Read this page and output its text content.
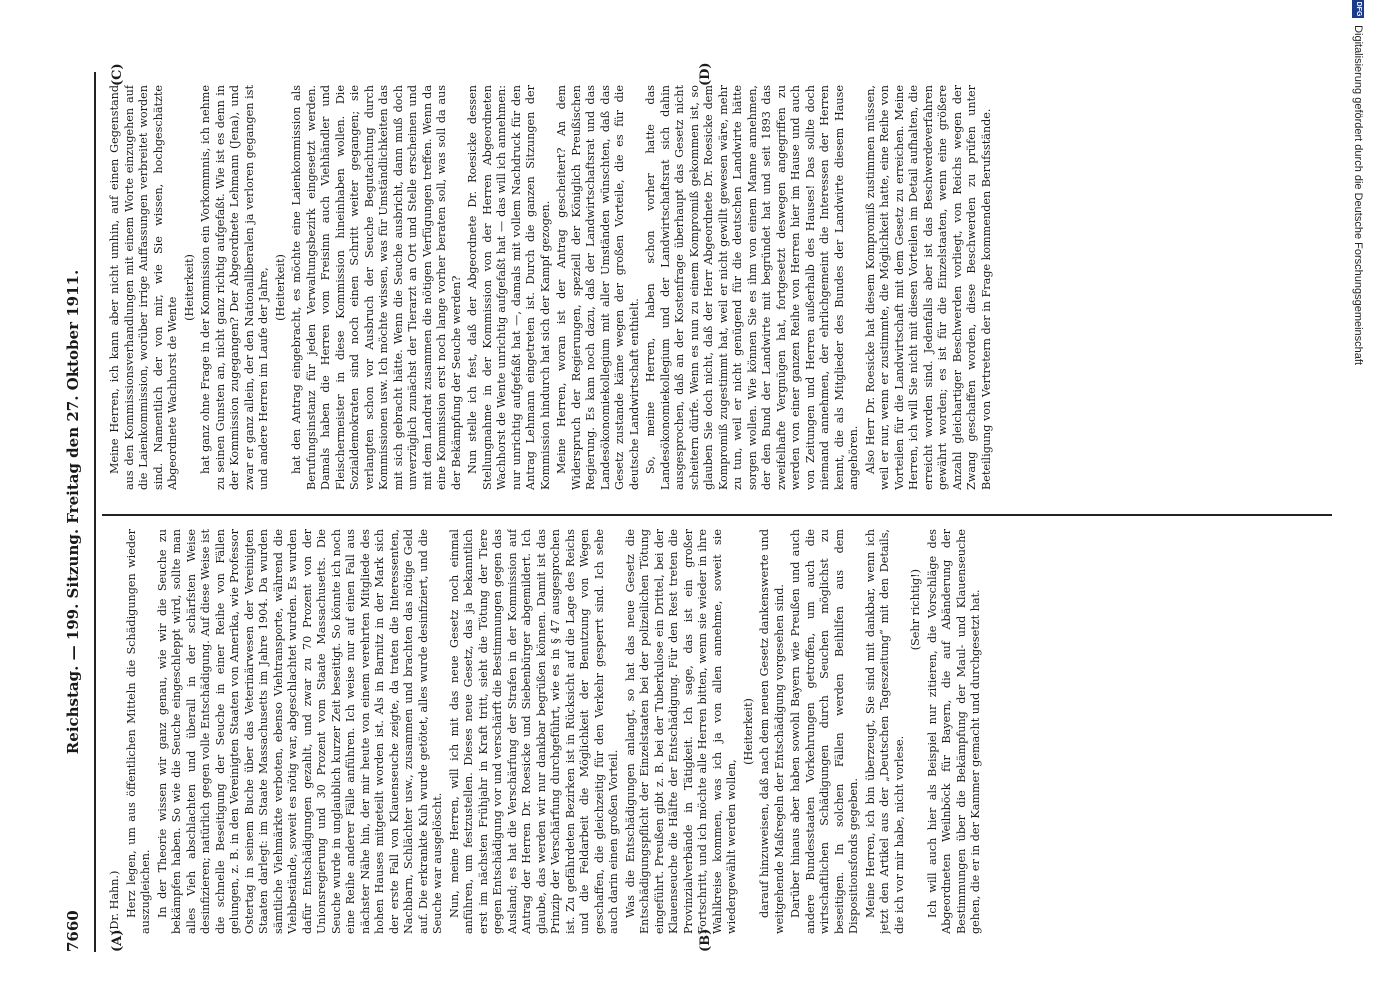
7660
Reichstag. — 199. Sitzung. Freitag den 27. Oktober 1911.
(A)	(B)
(C)	(D)

(Dr. Hahn.) Herz legen, um aus öffentlichen Mitteln die Schädigungen wieder auszugleichen. In der Theorie wissen wir ganz genau, wie wir die Seuche zu bekämpfen haben. So wie die Seuche eingeschleppt wird, sollte man alles Vieh abschlachten und überall in der schärfsten Weise desinfizieren; natürlich gegen volle Entschädigung. Auf diese Weise ist die schnelle Beseitigung der Seuche in einer Reihe von Fällen gelungen, z. B. in den Vereinigten Staaten von Amerika, wie Professor Ostertag in seinem Buche über das Veterinärwesen der Vereinigten Staaten darlegt: im Staate Massachusetts im Jahre 1904. Da wurden sämtliche Viehmärkte verboten, ebenso Viehtransporte, während die Viehbestände, soweit es nötig war, abgeschlachtet wurden. Es wurden dafür Entschädigungen gezahlt, und zwar zu 70 Prozent von der Unionsregierung und 30 Prozent vom Staate Massachusetts. Die Seuche wurde in unglaublich kurzer Zeit beseitigt. So könnte ich noch eine Reihe anderer Fälle anführen. Ich weise nur auf einen Fall aus nächster Nähe hin, der mir heute von einem verehrten Mitgliede des hohen Hauses mitgeteilt worden ist. Als in Barnitz in der Mark sich der erste Fall von Klauenseuche zeigte, da traten die Interessenten, Nachbarn, Schlächter usw., zusammen und brachten das nötige Geld auf. Die erkrankte Kuh wurde getötet, alles wurde desinfiziert, und die Seuche war ausgelöscht. Nun, meine Herren, will ich mit das neue Gesetz noch einmal anführen, um festzustellen. Dieses neue Gesetz, das ja bekanntlich erst im nächsten Frühjahr in Kraft tritt, sieht die Tötung der Tiere gegen Entschädigung vor und verschärft die Bestimmungen gegen das Ausland; es hat die Verschärfung der Strafen in der Kommission auf Antrag der Herren Dr. Roesicke und Siebenbürger abgemildert. Ich glaube, das werden wir nur dankbar begrüßen können. Damit ist das Prinzip der Verschärfung durchgeführt, wie es in § 47 ausgesprochen ist. Zu gefährdeten Bezirken ist in Rücksicht auf die Lage des Reichs und die Feldarbeit die Möglichkeit der Benutzung von Wegen geschaffen, die gleichzeitig für den Verkehr gesperrt sind. Ich sehe auch darin einen großen Vorteil. Was die Entschädigungen anlangt, so hat das neue Gesetz die Entschädigungspflicht der Einzelstaaten bei der polizeilichen Tötung eingeführt. Preußen gibt z. B. bei der Tuberkulose ein Drittel, bei der Klauenseuche die Hälfte der Entschädigung. Für den Rest treten die Provinzialverbände in Tätigkeit. Ich sage, das ist ein großer Fortschritt, und ich möchte alle Herren bitten, wenn sie wieder in ihre Wahlkreise kommen, was ich ja von allen annehme, soweit sie wiedergewählt werden wollen,

(Heiterkeit) darauf hinzuweisen, daß nach dem neuen Gesetz dankenswerte und weitgehende Maßregeln der Entschädigung vorgesehen sind. Darüber hinaus aber haben sowohl Bayern wie Preußen und auch andere Bundesstaaten Vorkehrungen getroffen, um auch die wirtschaftlichen Schädigungen durch Seuchen möglichst zu beseitigen. In solchen Fällen werden Beihilfen aus dem Dispositionsfonds gegeben. Meine Herren, ich bin überzeugt, Sie sind mit dankbar, wenn ich jetzt den Artikel aus der „Deutschen Tageszeitung“ mit den Details, die ich vor mir habe, nicht vorlese.

(Sehr richtig!) Ich will auch hier als Beispiel nur zitieren, die Vorschläge des Abgeordneten Weilnböck für Bayern, die auf Abänderung der Bestimmungen über die Bekämpfung der Maul- und Klauenseuche gehen, die er in der Kammer gemacht und durchgesetzt hat.

Meine Herren, ich kann aber nicht umhin, auf einen Gegenstand aus den Kommissionsverhandlungen mit einem Worte einzugehen auf die Laienkommission, worüber irrige Auffassungen verbreitet worden sind. Namentlich der von mir, wie Sie wissen, hochgeschätzte Abgeordnete Wachhorst de Wente

(Heiterkeit) hat ganz ohne Frage in der Kommission ein Vorkommnis, ich nehme zu seinen Gunsten an, nicht ganz richtig aufgefaßt. Wie ist es denn in der Kommission zugegangen? Der Abgeordnete Lehmann (Jena), und zwar er ganz allein, der den Nationalliberalen ja verloren gegangen ist und andere Herren im Laufe der Jahre, (Heiterkeit) hat den Antrag eingebracht, es möchte eine Laienkommission als Berufungsinstanz für jeden Verwaltungsbezirk eingesetzt werden. Damals haben die Herren vom Freisinn auch Viehhändler und Fleischermeister in diese Kommission hineinhaben wollen. Die Sozialdemokraten sind noch einen Schritt weiter gegangen; sie verlangten schon vor Ausbruch der Seuche Begutachtung durch Kommissionen usw. Ich möchte wissen, was für Umständlichkeiten das mit sich gebracht hätte. Wenn die Seuche ausbricht, dann muß doch unverzüglich zunächst der Tierarzt an Ort und Stelle erscheinen und mit dem Landrat zusammen die nötigen Verfügungen treffen. Wenn da eine Kommission erst noch lange vorher beraten soll, was soll da aus der Bekämpfung der Seuche werden? Nun stelle ich fest, daß der Abgeordnete Dr. Roesicke dessen Stellungnahme in der Kommission von der Herren Abgeordneten Wachhorst de Wente unrichtig aufgefaßt hat — das will ich annehmen: nur unrichtig aufgefaßt hat —, damals mit vollem Nachdruck für den Antrag Lehmann eingetreten ist. Durch die ganzen Sitzungen der Kommission hindurch hat sich der Kampf gezogen. Meine Herren, woran ist der Antrag gescheitert? An dem Widerspruch der Regierungen, speziell der Königlich Preußischen Regierung. Es kam noch dazu, daß der Landwirtschaftsrat und das Landesökonomiekollegium mit aller Umständen wünschten, daß das Gesetz zustande käme wegen der großen Vorteile, die es für die deutsche Landwirtschaft enthielt. So, meine Herren, haben schon vorher hatte das Landesökonomiekollegium und der Landwirtschaftsrat sich dahin ausgesprochen, daß an der Kostenfrage überhaupt das Gesetz nicht scheitern dürfe. Wenn es nun zu einem Kompromiß gekommen ist, so glauben Sie doch nicht, daß der Herr Abgeordnete Dr. Roesicke dem Kompromiß zugestimmt hat, weil er nicht gewillt gewesen wäre, mehr zu tun, weil er nicht genügend für die deutschen Landwirte hätte sorgen wollen. Wie können Sie es ihm von einem Manne annehmen, der den Bund der Landwirte mit begründet hat und seit 1893 das zweifelhafte Vergnügen hat, fortgesetzt deswegen angegriffen zu werden von einer ganzen Reihe von Herren hier im Hause und auch von Zeitungen und Herren außerhalb des Hauses! Das sollte doch niemand annehmen, der ehrlichgemeint die Interessen der Herren kennt, die als Mitglieder des Bundes der Landwirte diesem Hause angehören. Also Herr Dr. Roesicke hat diesem Kompromiß zustimmen müssen, weil er nur, wenn er zustimmte, die Möglichkeit hatte, eine Reihe von Vorteilen für die Landwirtschaft mit dem Gesetz zu erreichen. Meine Herren, ich will Sie nicht mit diesen Vorteilen im Detail aufhalten, die erreicht worden sind. Jedenfalls aber ist das Beschwerdeverfahren gewährt worden; es ist für die Einzelstaaten, wenn eine größere Anzahl gleichartiger Beschwerden vorliegt, von Reichs wegen der Zwang geschaffen worden, diese Beschwerden zu prüfen unter Beteiligung von Vertretern der in Frage kommenden Berufsstände.

DFG Digitalisierung gefördert durch die Deutsche Forschungsgemeinschaft
